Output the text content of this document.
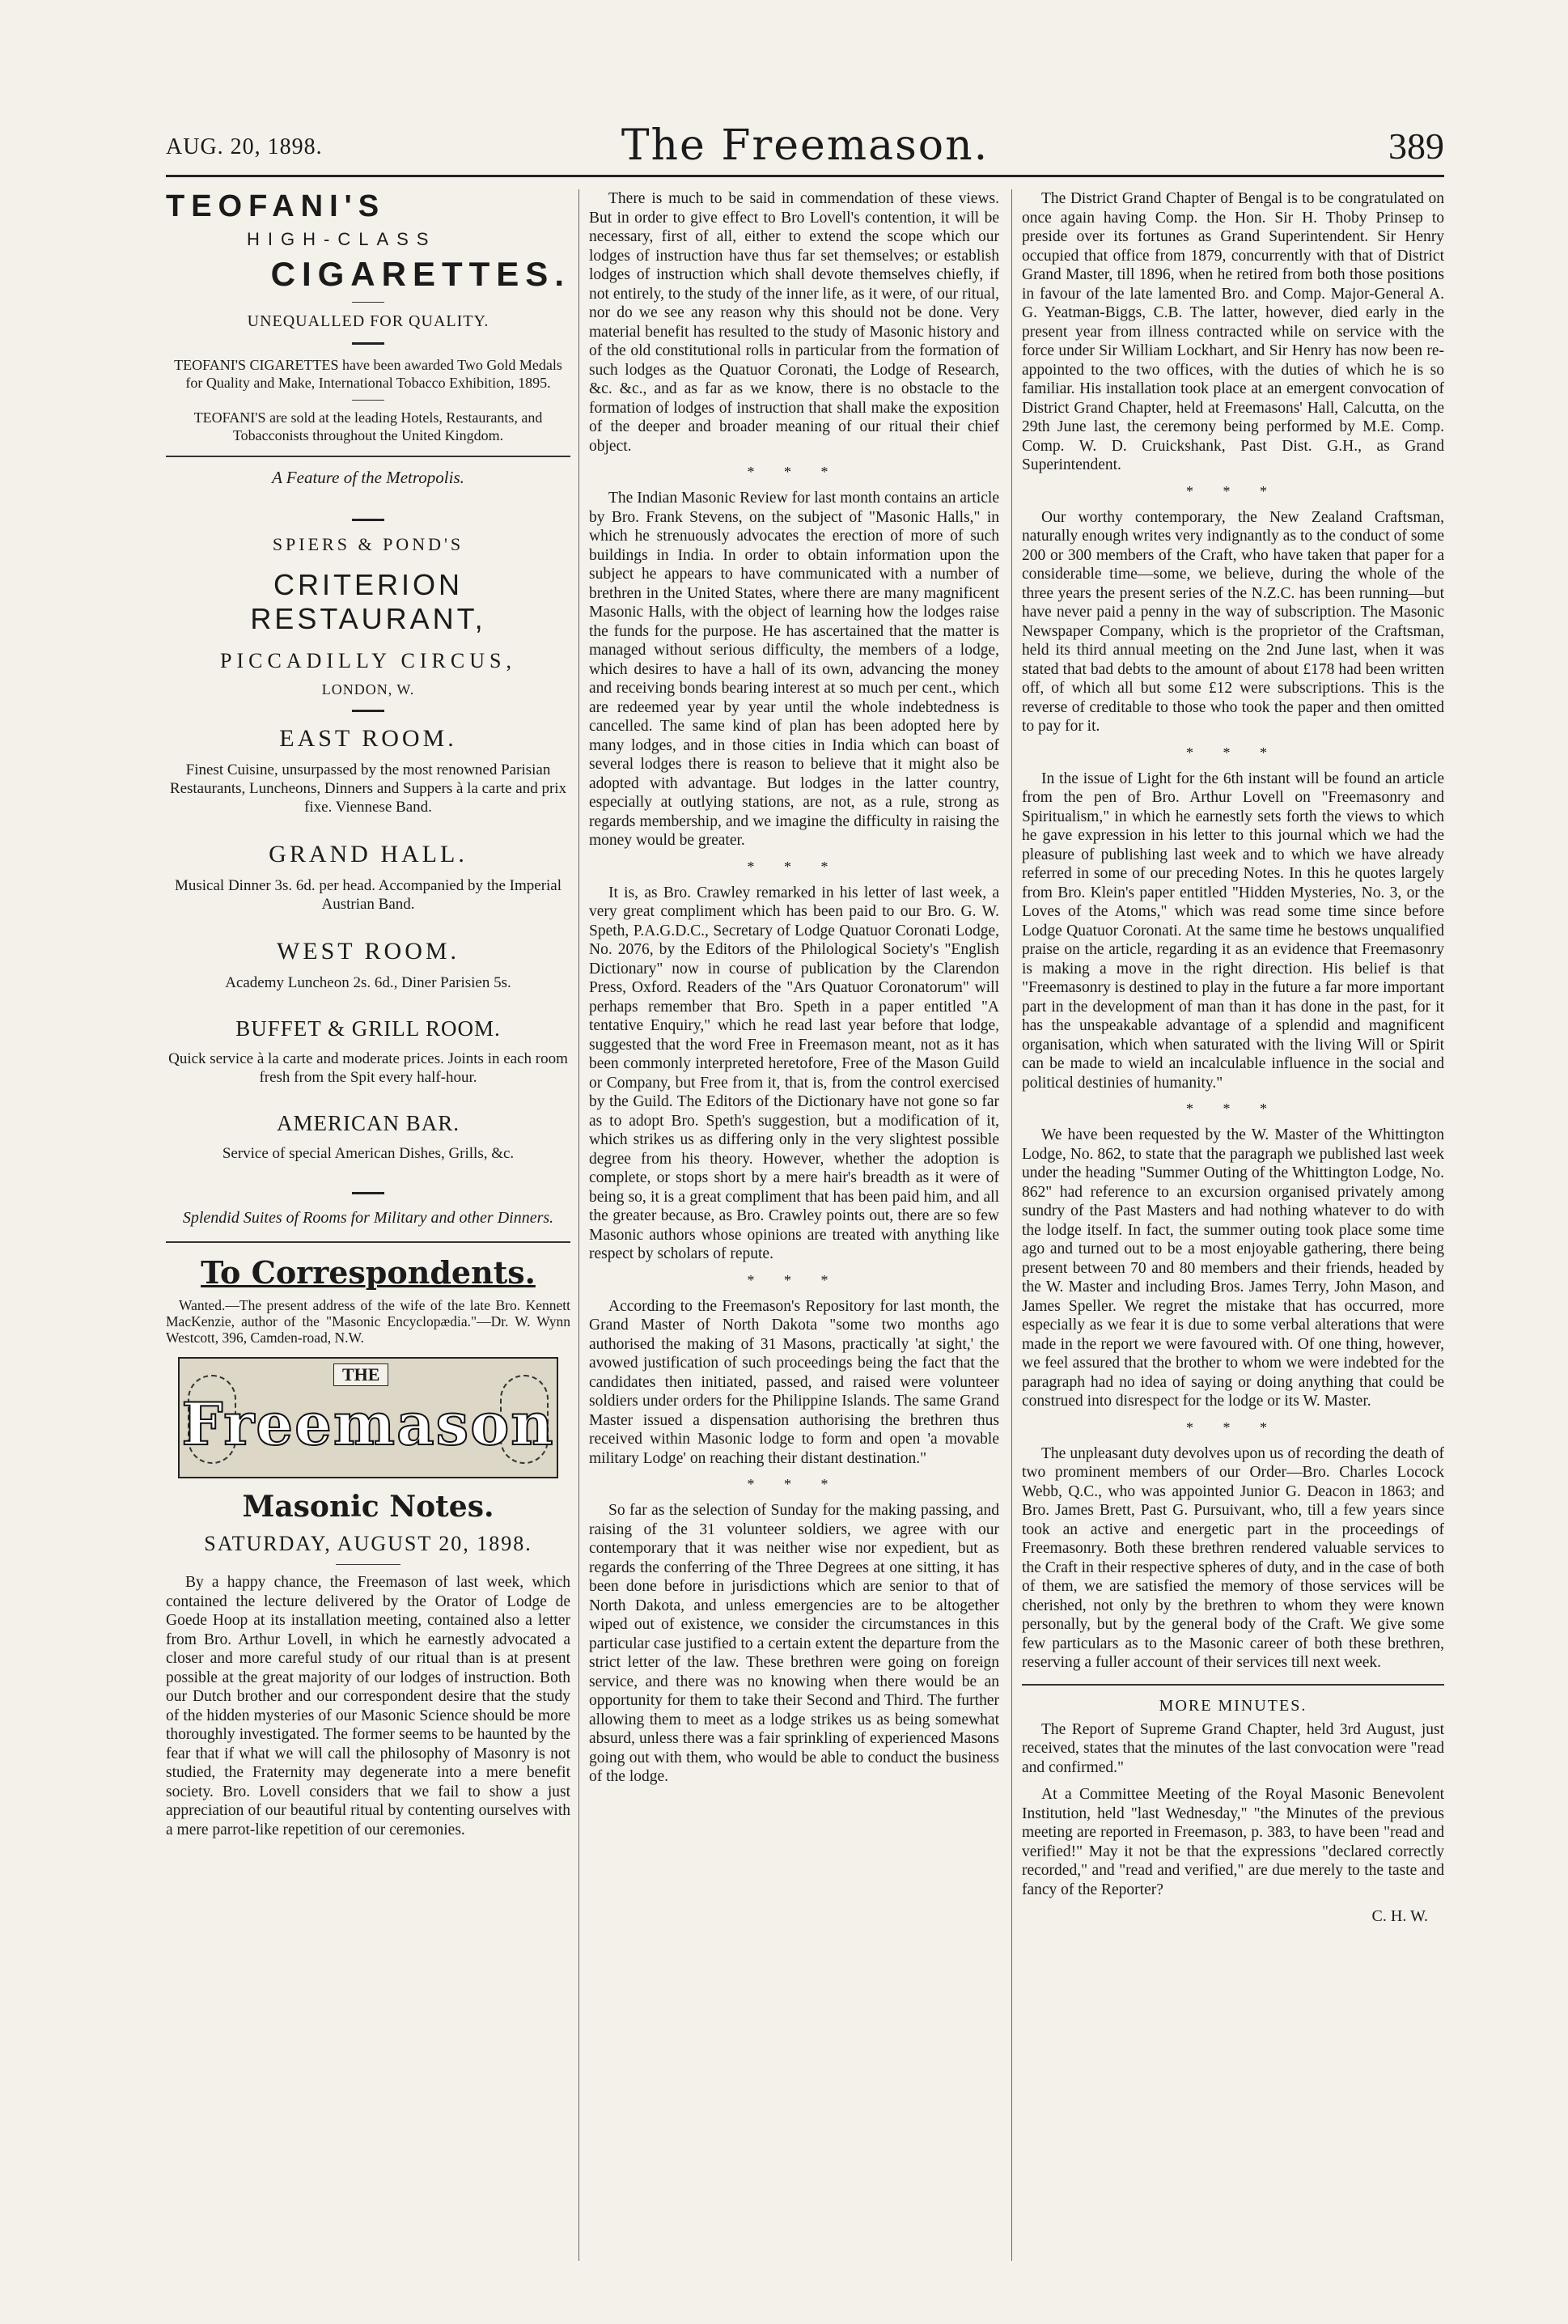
AUG. 20, 1898.	The Freemason.	389
TEOFANI'S
HIGH-CLASS
CIGARETTES.
UNEQUALLED FOR QUALITY.
TEOFANI'S CIGARETTES have been awarded Two Gold Medals for Quality and Make, International Tobacco Exhibition, 1895.
TEOFANI'S are sold at the leading Hotels, Restaurants, and Tobacconists throughout the United Kingdom.
A Feature of the Metropolis.
SPIERS & POND'S
CRITERION RESTAURANT,
PICCADILLY CIRCUS,
LONDON, W.
EAST ROOM.
Finest Cuisine, unsurpassed by the most renowned Parisian Restaurants, Luncheons, Dinners and Suppers à la carte and prix fixe. Viennese Band.
GRAND HALL.
Musical Dinner 3s. 6d. per head. Accompanied by the Imperial Austrian Band.
WEST ROOM.
Academy Luncheon 2s. 6d., Diner Parisien 5s.
BUFFET & GRILL ROOM.
Quick service à la carte and moderate prices. Joints in each room fresh from the Spit every half-hour.
AMERICAN BAR.
Service of special American Dishes, Grills, &c.
Splendid Suites of Rooms for Military and other Dinners.
To Correspondents.
Wanted.—The present address of the wife of the late Bro. Kennett MacKenzie, author of the "Masonic Encyclopædia."—Dr. W. Wynn Westcott, 396, Camden-road, N.W.
THE
Freemason
Masonic Notes.
SATURDAY, AUGUST 20, 1898.

By a happy chance, the Freemason of last week, which contained the lecture delivered by the Orator of Lodge de Goede Hoop at its installation meeting, contained also a letter from Bro. Arthur Lovell, in which he earnestly advocated a closer and more careful study of our ritual than is at present possible at the great majority of our lodges of instruction. Both our Dutch brother and our correspondent desire that the study of the hidden mysteries of our Masonic Science should be more thoroughly investigated. The former seems to be haunted by the fear that if what we will call the philosophy of Masonry is not studied, the Fraternity may degenerate into a mere benefit society. Bro. Lovell considers that we fail to show a just appreciation of our beautiful ritual by contenting ourselves with a mere parrot-like repetition of our ceremonies.

There is much to be said in commendation of these views. But in order to give effect to Bro Lovell's contention, it will be necessary, first of all, either to extend the scope which our lodges of instruction have thus far set themselves; or establish lodges of instruction which shall devote themselves chiefly, if not entirely, to the study of the inner life, as it were, of our ritual, nor do we see any reason why this should not be done. Very material benefit has resulted to the study of Masonic history and of the old constitutional rolls in particular from the formation of such lodges as the Quatuor Coronati, the Lodge of Research, &c. &c., and as far as we know, there is no obstacle to the formation of lodges of instruction that shall make the exposition of the deeper and broader meaning of our ritual their chief object.

* * *

The Indian Masonic Review for last month contains an article by Bro. Frank Stevens, on the subject of "Masonic Halls," in which he strenuously advocates the erection of more of such buildings in India. In order to obtain information upon the subject he appears to have communicated with a number of brethren in the United States, where there are many magnificent Masonic Halls, with the object of learning how the lodges raise the funds for the purpose. He has ascertained that the matter is managed without serious difficulty, the members of a lodge, which desires to have a hall of its own, advancing the money and receiving bonds bearing interest at so much per cent., which are redeemed year by year until the whole indebtedness is cancelled. The same kind of plan has been adopted here by many lodges, and in those cities in India which can boast of several lodges there is reason to believe that it might also be adopted with advantage. But lodges in the latter country, especially at outlying stations, are not, as a rule, strong as regards membership, and we imagine the difficulty in raising the money would be greater.

* * *

It is, as Bro. Crawley remarked in his letter of last week, a very great compliment which has been paid to our Bro. G. W. Speth, P.A.G.D.C., Secretary of Lodge Quatuor Coronati Lodge, No. 2076, by the Editors of the Philological Society's "English Dictionary" now in course of publication by the Clarendon Press, Oxford. Readers of the "Ars Quatuor Coronatorum" will perhaps remember that Bro. Speth in a paper entitled "A tentative Enquiry," which he read last year before that lodge, suggested that the word Free in Freemason meant, not as it has been commonly interpreted heretofore, Free of the Mason Guild or Company, but Free from it, that is, from the control exercised by the Guild. The Editors of the Dictionary have not gone so far as to adopt Bro. Speth's suggestion, but a modification of it, which strikes us as differing only in the very slightest possible degree from his theory. However, whether the adoption is complete, or stops short by a mere hair's breadth as it were of being so, it is a great compliment that has been paid him, and all the greater because, as Bro. Crawley points out, there are so few Masonic authors whose opinions are treated with anything like respect by scholars of repute.

* * *

According to the Freemason's Repository for last month, the Grand Master of North Dakota "some two months ago authorised the making of 31 Masons, practically 'at sight,' the avowed justification of such proceedings being the fact that the candidates then initiated, passed, and raised were volunteer soldiers under orders for the Philippine Islands. The same Grand Master issued a dispensation authorising the brethren thus received within Masonic lodge to form and open 'a movable military Lodge' on reaching their distant destination."

* * *

So far as the selection of Sunday for the making passing, and raising of the 31 volunteer soldiers, we agree with our contemporary that it was neither wise nor expedient, but as regards the conferring of the Three Degrees at one sitting, it has been done before in jurisdictions which are senior to that of North Dakota, and unless emergencies are to be altogether wiped out of existence, we consider the circumstances in this particular case justified to a certain extent the departure from the strict letter of the law. These brethren were going on foreign service, and there was no knowing when there would be an opportunity for them to take their Second and Third. The further allowing them to meet as a lodge strikes us as being somewhat absurd, unless there was a fair sprinkling of experienced Masons going out with them, who would be able to conduct the business of the lodge.

The District Grand Chapter of Bengal is to be congratulated on once again having Comp. the Hon. Sir H. Thoby Prinsep to preside over its fortunes as Grand Superintendent. Sir Henry occupied that office from 1879, concurrently with that of District Grand Master, till 1896, when he retired from both those positions in favour of the late lamented Bro. and Comp. Major-General A. G. Yeatman-Biggs, C.B. The latter, however, died early in the present year from illness contracted while on service with the force under Sir William Lockhart, and Sir Henry has now been re-appointed to the two offices, with the duties of which he is so familiar. His installation took place at an emergent convocation of District Grand Chapter, held at Freemasons' Hall, Calcutta, on the 29th June last, the ceremony being performed by M.E. Comp. Comp. W. D. Cruickshank, Past Dist. G.H., as Grand Superintendent.

* * *

Our worthy contemporary, the New Zealand Craftsman, naturally enough writes very indignantly as to the conduct of some 200 or 300 members of the Craft, who have taken that paper for a considerable time—some, we believe, during the whole of the three years the present series of the N.Z.C. has been running—but have never paid a penny in the way of subscription. The Masonic Newspaper Company, which is the proprietor of the Craftsman, held its third annual meeting on the 2nd June last, when it was stated that bad debts to the amount of about £178 had been written off, of which all but some £12 were subscriptions. This is the reverse of creditable to those who took the paper and then omitted to pay for it.

* * *

In the issue of Light for the 6th instant will be found an article from the pen of Bro. Arthur Lovell on "Freemasonry and Spiritualism," in which he earnestly sets forth the views to which he gave expression in his letter to this journal which we had the pleasure of publishing last week and to which we have already referred in some of our preceding Notes. In this he quotes largely from Bro. Klein's paper entitled "Hidden Mysteries, No. 3, or the Loves of the Atoms," which was read some time since before Lodge Quatuor Coronati. At the same time he bestows unqualified praise on the article, regarding it as an evidence that Freemasonry is making a move in the right direction. His belief is that "Freemasonry is destined to play in the future a far more important part in the development of man than it has done in the past, for it has the unspeakable advantage of a splendid and magnificent organisation, which when saturated with the living Will or Spirit can be made to wield an incalculable influence in the social and political destinies of humanity."

* * *

We have been requested by the W. Master of the Whittington Lodge, No. 862, to state that the paragraph we published last week under the heading "Summer Outing of the Whittington Lodge, No. 862" had reference to an excursion organised privately among sundry of the Past Masters and had nothing whatever to do with the lodge itself. In fact, the summer outing took place some time ago and turned out to be a most enjoyable gathering, there being present between 70 and 80 members and their friends, headed by the W. Master and including Bros. James Terry, John Mason, and James Speller. We regret the mistake that has occurred, more especially as we fear it is due to some verbal alterations that were made in the report we were favoured with. Of one thing, however, we feel assured that the brother to whom we were indebted for the paragraph had no idea of saying or doing anything that could be construed into disrespect for the lodge or its W. Master.

* * *

The unpleasant duty devolves upon us of recording the death of two prominent members of our Order—Bro. Charles Locock Webb, Q.C., who was appointed Junior G. Deacon in 1863; and Bro. James Brett, Past G. Pursuivant, who, till a few years since took an active and energetic part in the proceedings of Freemasonry. Both these brethren rendered valuable services to the Craft in their respective spheres of duty, and in the case of both of them, we are satisfied the memory of those services will be cherished, not only by the brethren to whom they were known personally, but by the general body of the Craft. We give some few particulars as to the Masonic career of both these brethren, reserving a fuller account of their services till next week.

MORE MINUTES.

The Report of Supreme Grand Chapter, held 3rd August, just received, states that the minutes of the last convocation were "read and confirmed."

At a Committee Meeting of the Royal Masonic Benevolent Institution, held "last Wednesday," "the Minutes of the previous meeting are reported in Freemason, p. 383, to have been "read and verified!" May it not be that the expressions "declared correctly recorded," and "read and verified," are due merely to the taste and fancy of the Reporter?

C. H. W.
